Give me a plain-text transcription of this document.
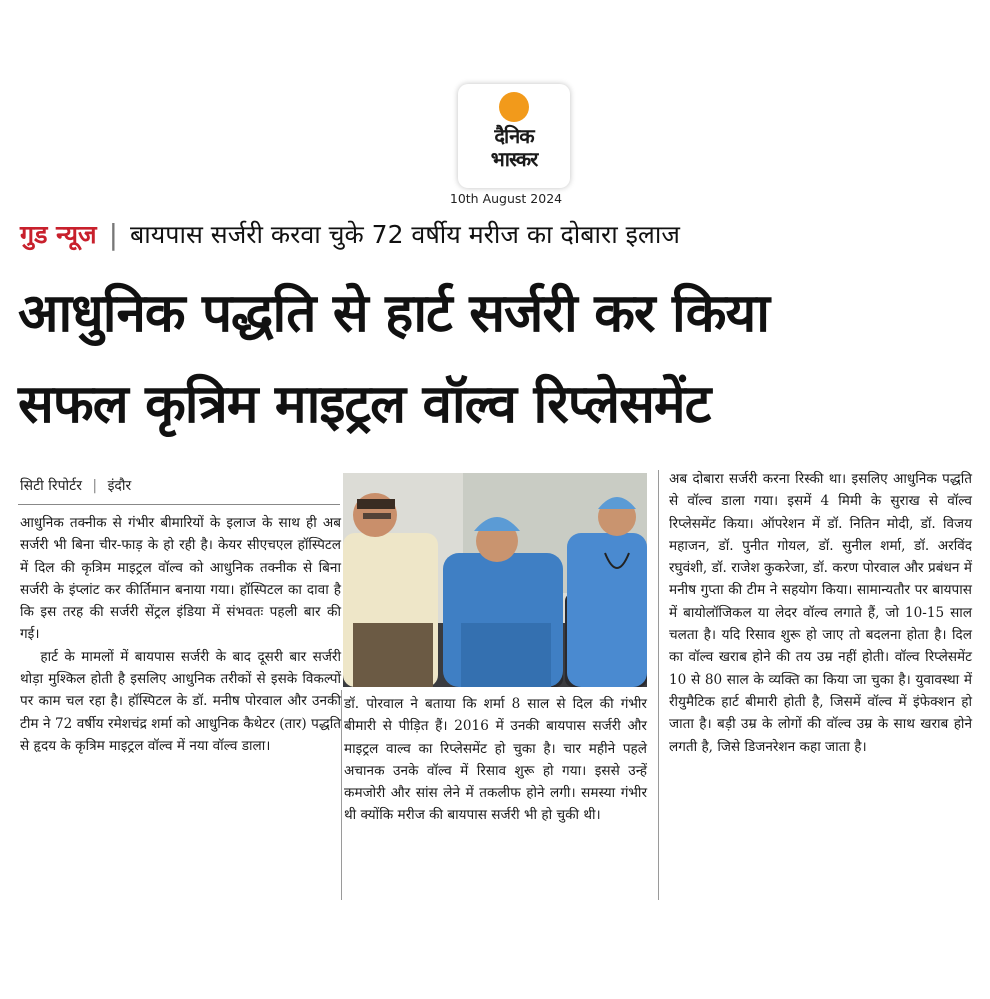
दैनिक
भास्कर
10th August 2024
गुड न्यूज | बायपास सर्जरी करवा चुके 72 वर्षीय मरीज का दोबारा इलाज
आधुनिक पद्धति से हार्ट सर्जरी कर किया
सफल कृत्रिम माइट्रल वॉल्व रिप्लेसमेंट
सिटी रिपोर्टर | इंदौर

आधुनिक तक्नीक से गंभीर बीमारियों के इलाज के साथ ही अब सर्जरी भी बिना चीर-फाड़ के हो रही है। केयर सीएचएल हॉस्पिटल में दिल की कृत्रिम माइट्रल वॉल्व को आधुनिक तक्नीक से बिना सर्जरी के इंप्लांट कर कीर्तिमान बनाया गया। हॉस्पिटल का दावा है कि इस तरह की सर्जरी सेंट्रल इंडिया में संभवतः पहली बार की गई।

हार्ट के मामलों में बायपास सर्जरी के बाद दूसरी बार सर्जरी थोड़ा मुश्किल होती है इसलिए आधुनिक तरीकों से इसके विकल्पों पर काम चल रहा है। हॉस्पिटल के डॉ. मनीष पोरवाल और उनकी टीम ने 72 वर्षीय रमेशचंद्र शर्मा को आधुनिक कैथेटर (तार) पद्धति से हृदय के कृत्रिम माइट्रल वॉल्व में नया वॉल्व डाला।

डॉ. पोरवाल ने बताया कि शर्मा 8 साल से दिल की गंभीर बीमारी से पीड़ित हैं। 2016 में उनकी बायपास सर्जरी और माइट्रल वाल्व का रिप्लेसमेंट हो चुका है। चार महीने पहले अचानक उनके वॉल्व में रिसाव शुरू हो गया। इससे उन्हें कमजोरी और सांस लेने में तकलीफ होने लगी। समस्या गंभीर थी क्योंकि मरीज की बायपास सर्जरी भी हो चुकी थी।

अब दोबारा सर्जरी करना रिस्की था। इसलिए आधुनिक पद्धति से वॉल्व डाला गया। इसमें 4 मिमी के सुराख से वॉल्व रिप्लेसमेंट किया। ऑपरेशन में डॉ. नितिन मोदी, डॉ. विजय महाजन, डॉ. पुनीत गोयल, डॉ. सुनील शर्मा, डॉ. अरविंद रघुवंशी, डॉ. राजेश कुकरेजा, डॉ. करण पोरवाल और प्रबंधन में मनीष गुप्ता की टीम ने सहयोग किया। सामान्यतौर पर बायपास में बायोलॉजिकल या लेदर वॉल्व लगाते हैं, जो 10-15 साल चलता है। यदि रिसाव शुरू हो जाए तो बदलना होता है। दिल का वॉल्व खराब होने की तय उम्र नहीं होती। वॉल्व रिप्लेसमेंट 10 से 80 साल के व्यक्ति का किया जा चुका है। युवावस्था में रीयुमैटिक हार्ट बीमारी होती है, जिसमें वॉल्व में इंफेक्शन हो जाता है। बड़ी उम्र के लोगों की वॉल्व उम्र के साथ खराब होने लगती है, जिसे डिजनरेशन कहा जाता है।
